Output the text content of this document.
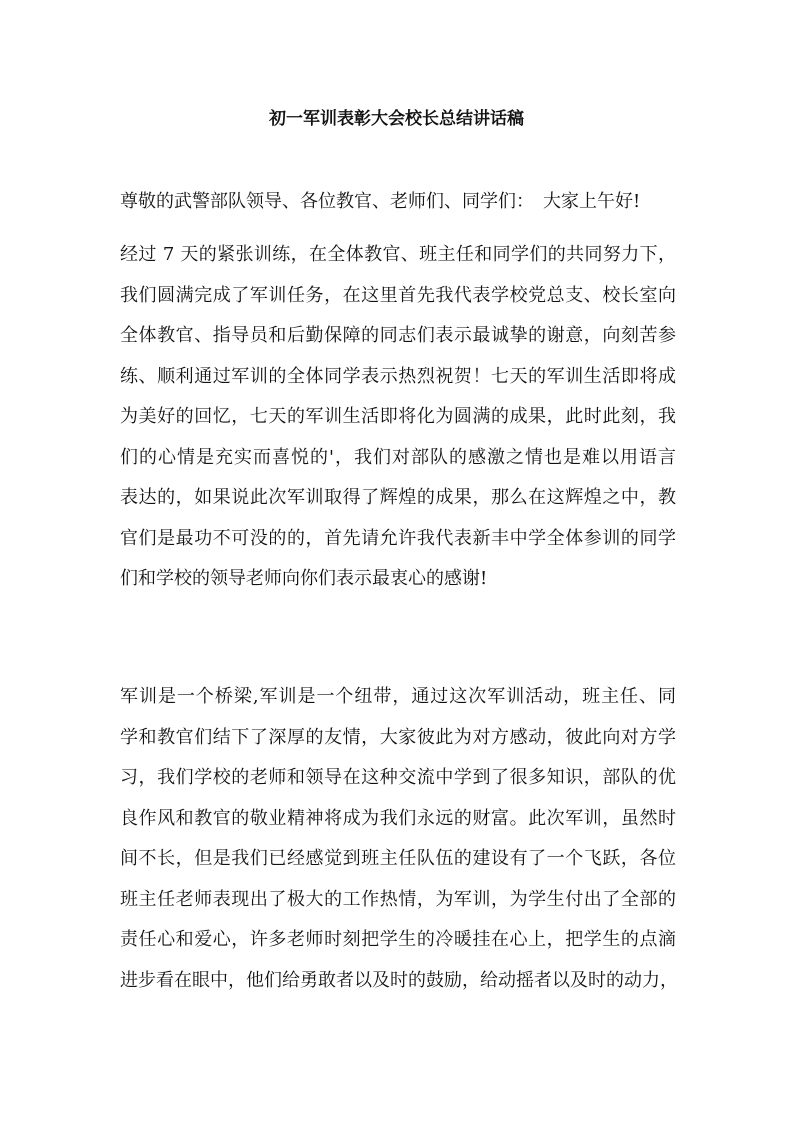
初一军训表彰大会校长总结讲话稿
尊敬的武警部队领导、各位教官、老师们、同学们：　大家上午好!
经过 7 天的紧张训练，在全体教官、班主任和同学们的共同努力下，
我们圆满完成了军训任务，在这里首先我代表学校党总支、校长室向
全体教官、指导员和后勤保障的同志们表示最诚挚的谢意，向刻苦参
练、顺利通过军训的全体同学表示热烈祝贺！七天的军训生活即将成
为美好的回忆，七天的军训生活即将化为圆满的成果，此时此刻，我
们的心情是充实而喜悦的'，我们对部队的感激之情也是难以用语言
表达的，如果说此次军训取得了辉煌的成果，那么在这辉煌之中，教
官们是最功不可没的的，首先请允许我代表新丰中学全体参训的同学
们和学校的领导老师向你们表示最衷心的感谢!
军训是一个桥梁,军训是一个纽带，通过这次军训活动，班主任、同
学和教官们结下了深厚的友情，大家彼此为对方感动，彼此向对方学
习，我们学校的老师和领导在这种交流中学到了很多知识，部队的优
良作风和教官的敬业精神将成为我们永远的财富。此次军训，虽然时
间不长，但是我们已经感觉到班主任队伍的建设有了一个飞跃，各位
班主任老师表现出了极大的工作热情，为军训，为学生付出了全部的
责任心和爱心，许多老师时刻把学生的冷暖挂在心上，把学生的点滴
进步看在眼中，他们给勇敢者以及时的鼓励，给动摇者以及时的动力，
